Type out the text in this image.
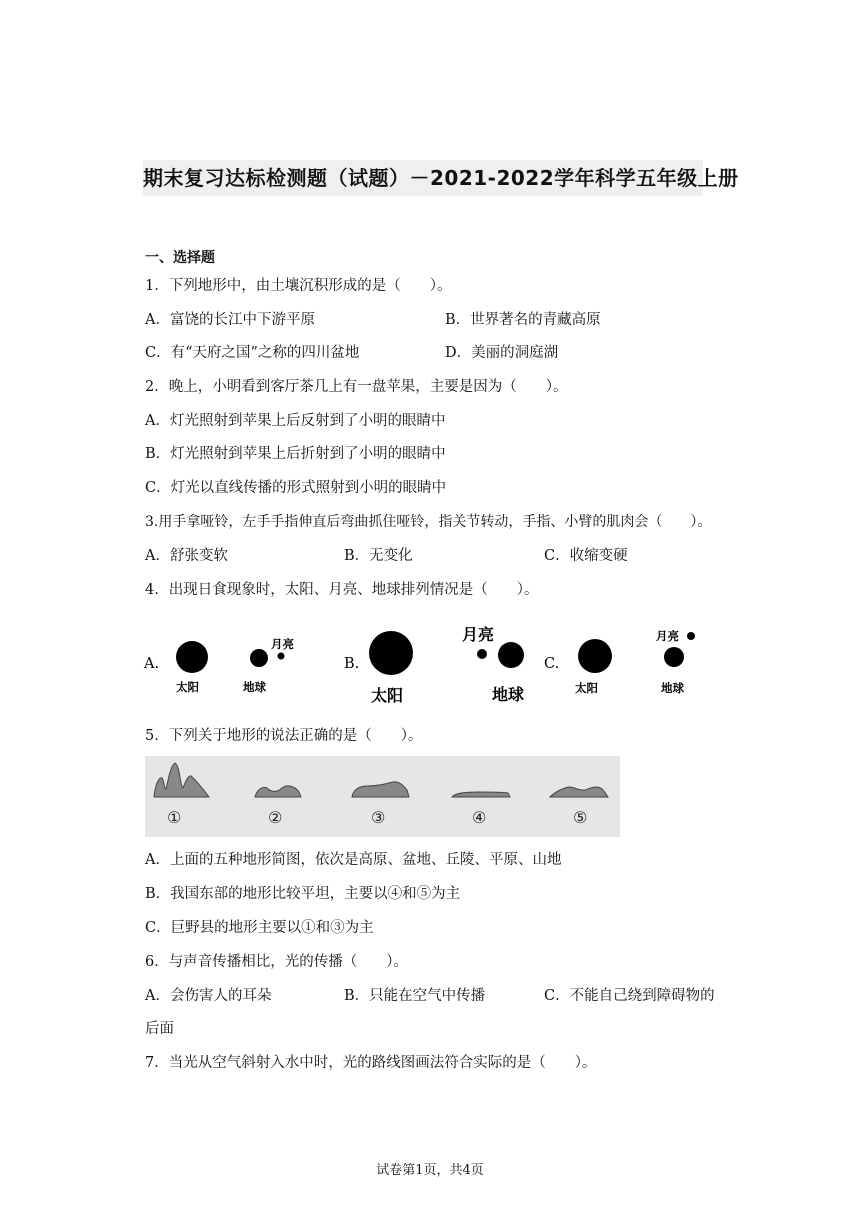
期末复习达标检测题（试题）－2021-2022学年科学五年级上册
一、选择题
1．下列地形中，由土壤沉积形成的是（　　）。
A．富饶的长江中下游平原	B．世界著名的青藏高原
C．有“天府之国”之称的四川盆地	D．美丽的洞庭湖
2．晚上，小明看到客厅茶几上有一盘苹果，主要是因为（　　）。
A．灯光照射到苹果上后反射到了小明的眼睛中
B．灯光照射到苹果上后折射到了小明的眼睛中
C．灯光以直线传播的形式照射到小明的眼睛中
3.用手拿哑铃，左手手指伸直后弯曲抓住哑铃，指关节转动，手指、小臂的肌肉会（　　）。
A．舒张变软	B．无变化	C．收缩变硬
4．出现日食现象时，太阳、月亮、地球排列情况是（　　）。
A.
太阳
月亮
地球
B.
太阳
月亮
地球
C.
太阳
月亮
地球
5．下列关于地形的说法正确的是（　　）。
①	②	③	④	⑤
A．上面的五种地形简图，依次是高原、盆地、丘陵、平原、山地
B．我国东部的地形比较平坦，主要以④和⑤为主
C．巨野县的地形主要以①和③为主
6．与声音传播相比，光的传播（　　）。
A．会伤害人的耳朵	B．只能在空气中传播	C．不能自己绕到障碍物的
后面
7．当光从空气斜射入水中时，光的路线图画法符合实际的是（　　）。
试卷第1页，共4页
